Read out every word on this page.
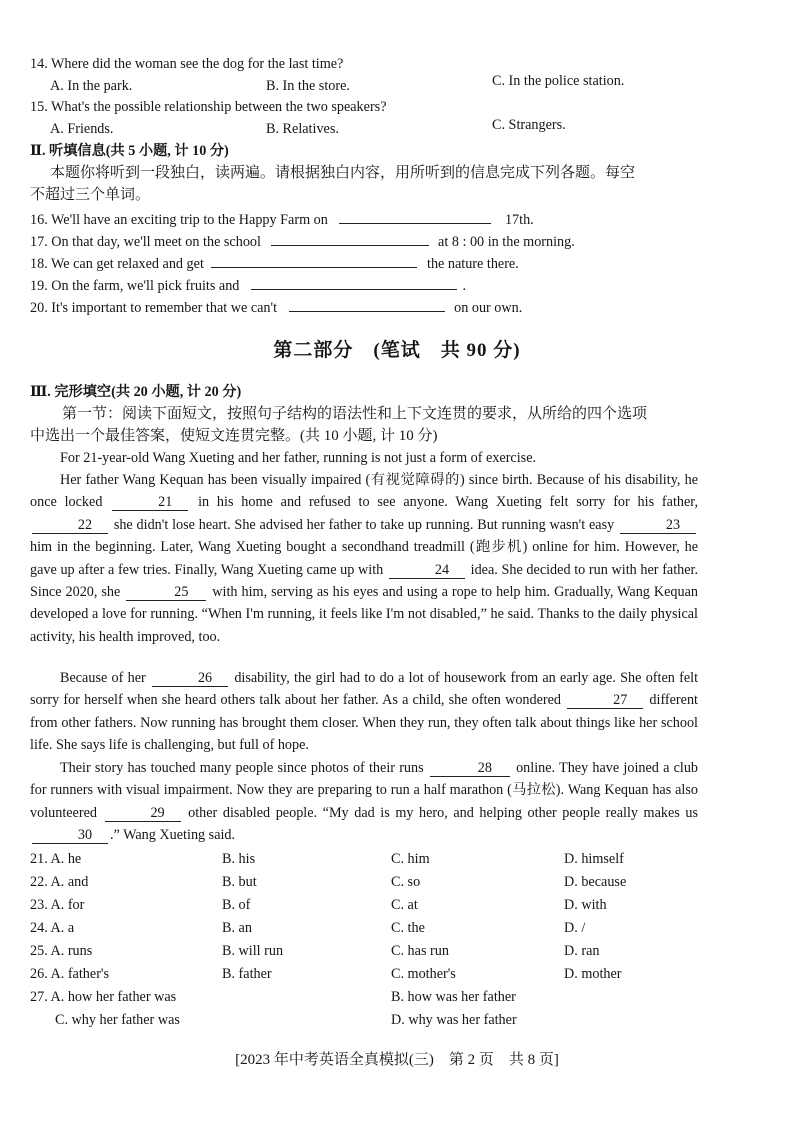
14. Where did the woman see the dog for the last time?
A. In the park.	B. In the store.	C. In the police station.
15. What's the possible relationship between the two speakers?
A. Friends.	B. Relatives.	C. Strangers.
Ⅱ. 听填信息(共 5 小题, 计 10 分)
本题你将听到一段独白，读两遍。请根据独白内容，用所听到的信息完成下列各题。每空
不超过三个单词。
16. We'll have an exciting trip to the Happy Farm on	17th.
17. On that day, we'll meet on the school	at 8 : 00 in the morning.
18. We can get relaxed and get	the nature there.
19. On the farm, we'll pick fruits and	.
20. It's important to remember that we can't	on our own.
第二部分　(笔试　共 90 分)
Ⅲ. 完形填空(共 20 小题, 计 20 分)
第一节：阅读下面短文，按照句子结构的语法性和上下文连贯的要求，从所给的四个选项
中选出一个最佳答案，使短文连贯完整。(共 10 小题, 计 10 分)
For 21-year-old Wang Xueting and her father, running is not just a form of exercise.
Her father Wang Kequan has been visually impaired (有视觉障碍的) since birth. Because of his disability, he once locked	21 in his home and refused to see anyone. Wang Xueting felt sorry for his father, 22 she didn't lose heart. She advised her father to take up running. But running wasn't easy	23 him in the beginning. Later, Wang Xueting bought a secondhand treadmill (跑步机) online for him. However, he gave up after a few tries. Finally, Wang Xueting came up with	24 idea. She decided to run with her father. Since 2020, she	25 with him, serving as his eyes and using a rope to help him. Gradually, Wang Kequan developed a love for running. “When I'm running, it feels like I'm not disabled,” he said. Thanks to the daily physical activity, his health improved, too.
Because of her	26 disability, the girl had to do a lot of housework from an early age. She often felt sorry for herself when she heard others talk about her father. As a child, she often wondered	27 different from other fathers. Now running has brought them closer. When they run, they often talk about things like her school life. She says life is challenging, but full of hope.
Their story has touched many people since photos of their runs	28 online. They have joined a club for runners with visual impairment. Now they are preparing to run a half marathon (马拉松). Wang Kequan has also volunteered	29 other disabled people. “My dad is my hero, and helping other people really makes us 30 .” Wang Xueting said.
21. A. he	B. his	C. him	D. himself
22. A. and	B. but	C. so	D. because
23. A. for	B. of	C. at	D. with
24. A. a	B. an	C. the	D. /
25. A. runs	B. will run	C. has run	D. ran
26. A. father's	B. father	C. mother's	D. mother
27. A. how her father was	B. how was her father
C. why her father was	D. why was her father
[2023 年中考英语全真模拟(三)　第 2 页　共 8 页]
